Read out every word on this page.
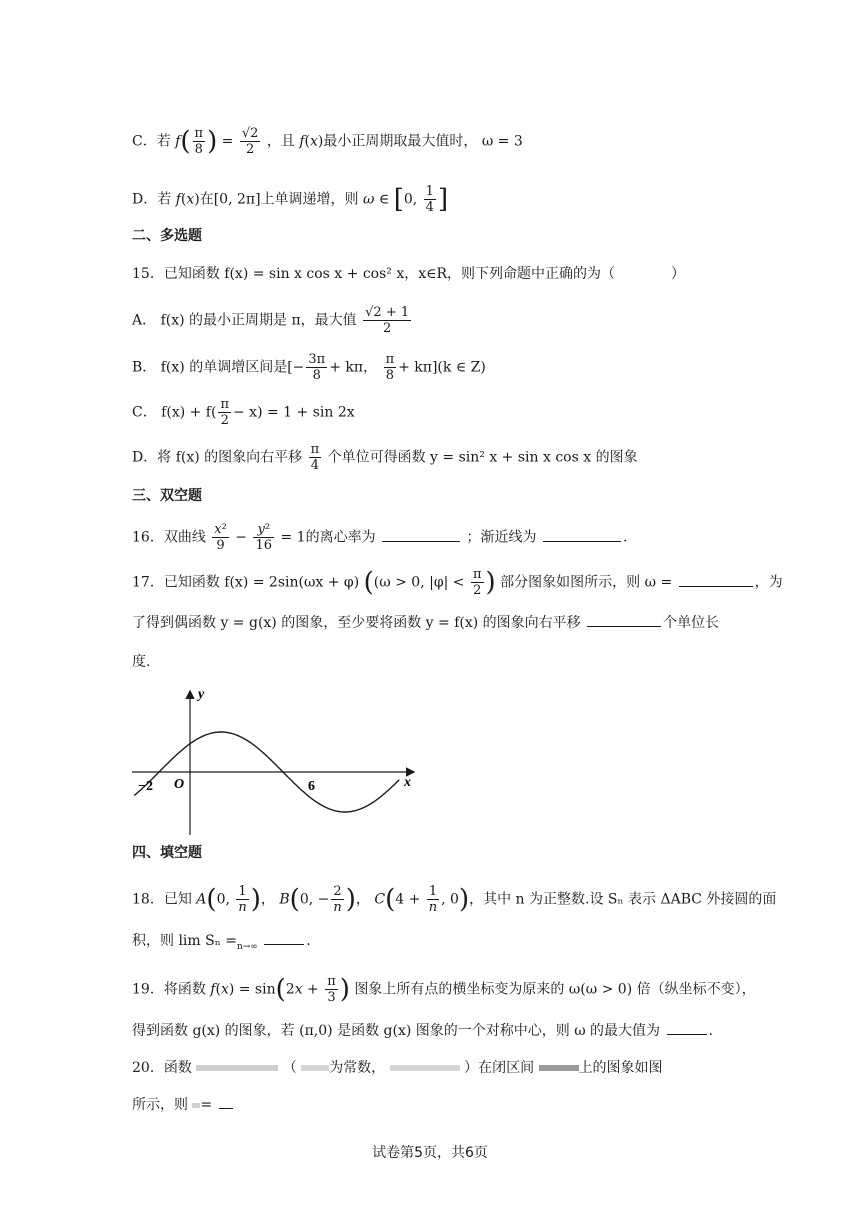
C．若 $f( \frac{\pi}{8}$ ) = $\frac{√2}{2}$ ，且 f(x)最小正周期取最大值时， ω = 3
D．若 f(x)在[0, 2π]上单调递增，则 ω ∈ [0, $\frac{1}{4}$ ]
二、多选题
15．已知函数 f(x) = sin x cos x + cos² x，x∈R，则下列命题中正确的为（　　　　）
A． f(x) 的最小正周期是 π，最大值 $\frac{√2 + 1}{2}$
B． f(x) 的单调增区间是[− $\frac{3\pi}{8} + k\pi$， $\frac{\pi}{8} + k\pi](k$ ∈ Z)
C． $f(x) + f( \frac{\pi}{2} - x) = 1 + \sin 2x$
D．将 f(x) 的图象向右平移 $\frac{\pi}{4}$ 个单位可得函数 y = sin² x + sin x cos x 的图象
三、双空题
16．双曲线 $\frac{\text{x²}}{9} - \frac{\text{y²}}{16} = 1$的离心率为	；渐近线为	.
17．已知函数 f(x) = 2sin(ωx + φ) ((ω > 0, $|\varphi| < \frac{\pi}{2}$ ) 部分图象如图所示，则 ω =	，为
了得到偶函数 y = g(x) 的图象，至少要将函数 y = f(x) 的图象向右平移	个单位长
度.
y
x
O
−2	6
四、填空题
18．已知 A(0, $\frac{1}{n}$ )， B(0, − $\frac{2}{n}$ )， $C(4 + \frac{1}{n}$ , 0)，其中 n 为正整数.设 Sₙ 表示 ΔABC 外接圆的面
积，则 $\lim S_n =_{n\to\infty}$	.
19．将函数 $f(x) = \sin(2x + \frac{\pi}{3}$ ) 图象上所有点的横坐标变为原来的 ω(ω > 0) 倍（纵坐标不变），
得到函数 g(x) 的图象，若 (π,0) 是函数 g(x) 图象的一个对称中心，则 ω 的最大值为	.
20．函数	（ 为常数，	）在闭区间	上的图象如图
所示，则 =
试卷第5页，共6页
